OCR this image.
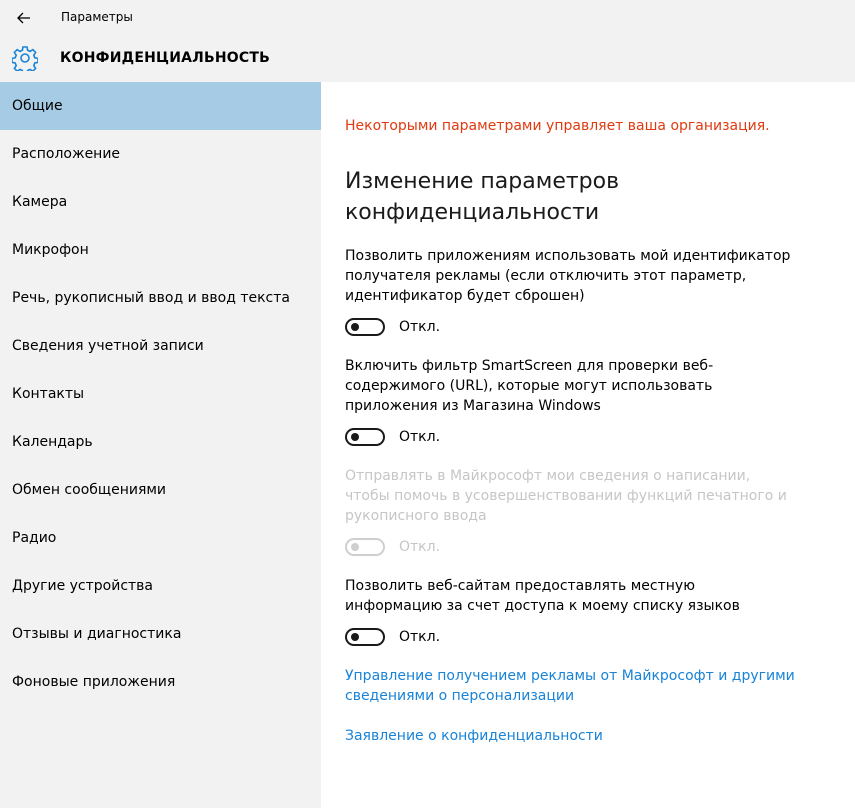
Параметры
КОНФИДЕНЦИАЛЬНОСТЬ
Общие
Расположение
Камера
Микрофон
Речь, рукописный ввод и ввод текста
Сведения учетной записи
Контакты
Календарь
Обмен сообщениями
Радио
Другие устройства
Отзывы и диагностика
Фоновые приложения
Некоторыми параметрами управляет ваша организация.
Изменение параметров конфиденциальности
Позволить приложениям использовать мой идентификатор получателя рекламы (если отключить этот параметр, идентификатор будет сброшен)
Откл.
Включить фильтр SmartScreen для проверки веб-содержимого (URL), которые могут использовать приложения из Магазина Windows
Откл.
Отправлять в Майкрософт мои сведения о написании, чтобы помочь в усовершенствовании функций печатного и рукописного ввода
Откл.
Позволить веб-сайтам предоставлять местную информацию за счет доступа к моему списку языков
Откл.
Управление получением рекламы от Майкрософт и другими сведениями о персонализации
Заявление о конфиденциальности
